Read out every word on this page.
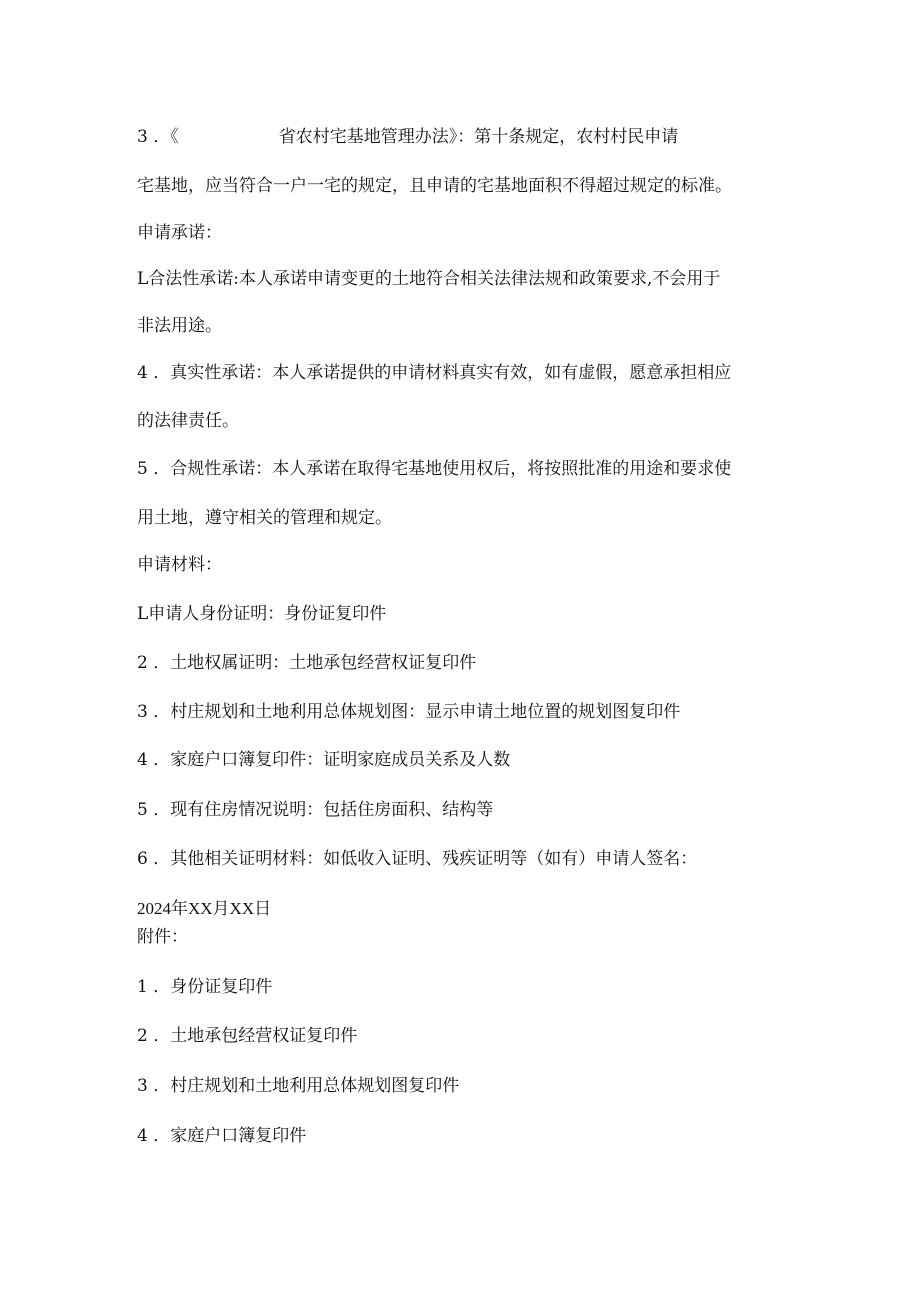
3 ．《	省农村宅基地管理办法》：第十条规定，农村村民申请

宅基地，应当符合一户一宅的规定，且申请的宅基地面积不得超过规定的标准。

申请承诺：

L合法性承诺:本人承诺申请变更的土地符合相关法律法规和政策要求,不会用于

非法用途。

4 ．真实性承诺：本人承诺提供的申请材料真实有效，如有虚假，愿意承担相应

的法律责任。

5 ．合规性承诺：本人承诺在取得宅基地使用权后，将按照批准的用途和要求使

用土地，遵守相关的管理和规定。

申请材料：

L申请人身份证明：身份证复印件

2 ．土地权属证明：土地承包经营权证复印件

3 ．村庄规划和土地利用总体规划图：显示申请土地位置的规划图复印件

4 ．家庭户口簿复印件：证明家庭成员关系及人数

5 ．现有住房情况说明：包括住房面积、结构等

6 ．其他相关证明材料：如低收入证明、残疾证明等（如有）申请人签名：

2024年XX月XX日

附件：

1 ．身份证复印件

2 ．土地承包经营权证复印件

3 ．村庄规划和土地利用总体规划图复印件

4 ．家庭户口簿复印件
